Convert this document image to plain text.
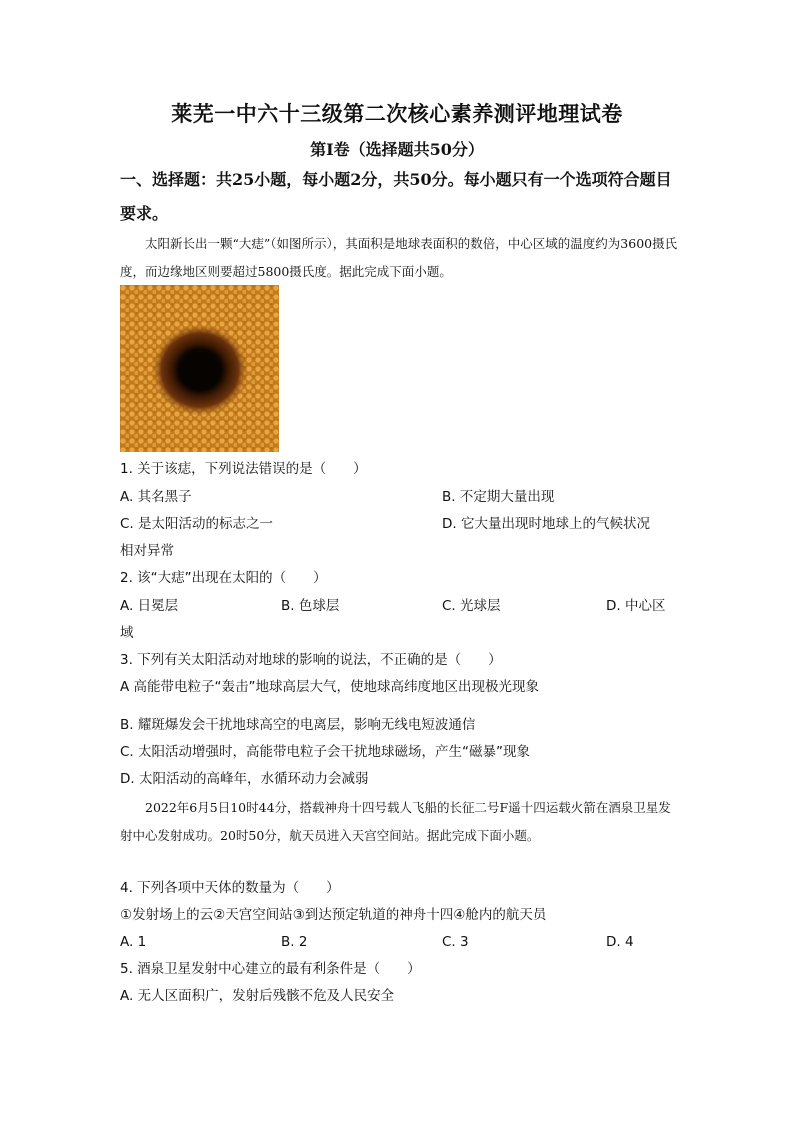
莱芜一中六十三级第二次核心素养测评地理试卷
第Ⅰ卷（选择题共50分）
一、选择题：共25小题，每小题2分，共50分。每小题只有一个选项符合题目要求。
太阳新长出一颗“大痣”（如图所示），其面积是地球表面积的数倍，中心区域的温度约为3600摄氏度，而边缘地区则要超过5800摄氏度。据此完成下面小题。
1. 关于该痣，下列说法错误的是（　　）
A. 其名黑子	B. 不定期大量出现
C. 是太阳活动的标志之一	D. 它大量出现时地球上的气候状况
相对异常
2. 该“大痣”出现在太阳的（　　）
A. 日冕层	B. 色球层	C. 光球层	D. 中心区
域
3. 下列有关太阳活动对地球的影响的说法，不正确的是（　　）
A 高能带电粒子“轰击”地球高层大气，使地球高纬度地区出现极光现象
B. 耀斑爆发会干扰地球高空的电离层，影响无线电短波通信
C. 太阳活动增强时，高能带电粒子会干扰地球磁场，产生“磁暴”现象
D. 太阳活动的高峰年，水循环动力会减弱
2022年6月5日10时44分，搭载神舟十四号载人飞船的长征二号F遥十四运载火箭在酒泉卫星发射中心发射成功。20时50分，航天员进入天宫空间站。据此完成下面小题。
4. 下列各项中天体的数量为（　　）
①发射场上的云②天宫空间站③到达预定轨道的神舟十四④舱内的航天员
A. 1	B. 2	C. 3	D. 4
5. 酒泉卫星发射中心建立的最有利条件是（　　）
A. 无人区面积广，发射后残骸不危及人民安全
